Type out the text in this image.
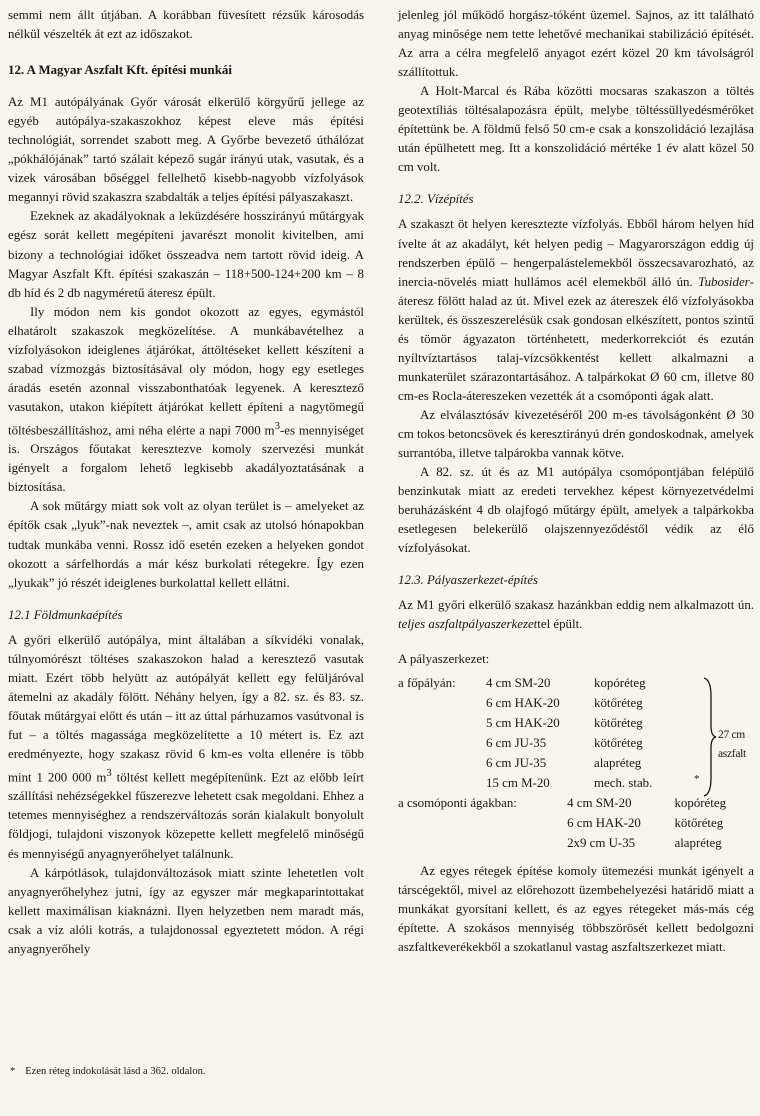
semmi nem állt útjában. A korábban füvesített rézsűk károsodás nélkül vészelték át ezt az időszakot.

12. A Magyar Aszfalt Kft. építési munkái

Az M1 autópályának Győr városát elkerülő körgyűrű jellege az egyéb autópálya-szakaszokhoz képest eleve más építési technológiát, sorrendet szabott meg. A Győrbe bevezető úthálózat „pókhálójának” tartó szálait képező sugár irányú utak, vasutak, és a vizek városában bőséggel fellelhető kisebb-nagyobb vízfolyások megannyi rövid szakaszra szabdalták a teljes építési pályaszakaszt.

Ezeknek az akadályoknak a leküzdésére hosszirányú műtárgyak egész sorát kellett megépíteni javarészt monolit kivitelben, ami bizony a technológiai időket összeadva nem tartott rövid ideig. A Magyar Aszfalt Kft. építési szakaszán – 118+500-124+200 km – 8 db híd és 2 db nagyméretű áteresz épült.

Ily módon nem kis gondot okozott az egyes, egymástól elhatárolt szakaszok megközelítése. A munkábavételhez a vízfolyásokon ideiglenes átjárókat, áttöltéseket kellett készíteni a szabad vízmozgás biztosításával oly módon, hogy egy esetleges áradás esetén azonnal visszabonthatóak legyenek. A keresztező vasutakon, utakon kiépített átjárókat kellett építeni a nagytömegű töltésbeszállításhoz, ami néha elérte a napi 7000 $m^3-es$ mennyiséget is. Országos főutakat keresztezve komoly szervezési munkát igényelt a forgalom lehető legkisebb akadályoztatásának a biztosítása.

A sok műtárgy miatt sok volt az olyan terület is – amelyeket az építők csak „lyuk”-nak neveztek –, amit csak az utolsó hónapokban tudtak munkába venni. Rossz idő esetén ezeken a helyeken gondot okozott a sárfelhordás a már kész burkolati rétegekre. Így ezen „lyukak” jó részét ideiglenes burkolattal kellett ellátni.

12.1 Földmunkaépítés

A győri elkerülő autópálya, mint általában a síkvidéki vonalak, túlnyomórészt töltéses szakaszokon halad a keresztező vasutak miatt. Ezért több helyütt az autópályát kellett egy felüljáróval átemelni az akadály fölött. Néhány helyen, így a 82. sz. és 83. sz. főutak műtárgyai előtt és után – itt az úttal párhuzamos vasútvonal is fut – a töltés magassága megközelítette a 10 métert is. Ez azt eredményezte, hogy szakasz rövid 6 km-es volta ellenére is több mint 1 200 000 $m^3$ töltést kellett megépítenünk. Ezt az előbb leírt szállítási nehézségekkel fűszerezve lehetett csak megoldani. Ehhez a tetemes mennyiséghez a rendszerváltozás során kialakult bonyolult földjogi, tulajdoni viszonyok közepette kellett megfelelő minőségű és mennyiségű anyagnyerőhelyet találnunk.

A kárpótlások, tulajdonváltozások miatt szinte lehetetlen volt anyagnyerőhelyhez jutni, így az egyszer már megkaparintottakat kellett maximálisan kiaknázni. Ilyen helyzetben nem maradt más, csak a víz alóli kotrás, a tulajdonossal egyeztetett módon. A régi anyagnyerőhely

* Ezen réteg indokolását lásd a 362. oldalon.

jelenleg jól működő horgász-tóként üzemel. Sajnos, az itt található anyag minősége nem tette lehetővé mechanikai stabilizáció építését. Az arra a célra megfelelő anyagot ezért közel 20 km távolságról szállítottuk.

A Holt-Marcal és Rába közötti mocsaras szakaszon a töltés geotextíliás töltésalapozásra épült, melybe töltéssüllyedésmérőket építettünk be. A földmű felső 50 cm-e csak a konszolidáció lezajlása után épülhetett meg. Itt a konszolidáció mértéke 1 év alatt közel 50 cm volt.

12.2. Vízépítés

A szakaszt öt helyen keresztezte vízfolyás. Ebből három helyen híd ívelte át az akadályt, két helyen pedig – Magyarországon eddig új rendszerben épülő – hengerpalástelemekből összecsavarozható, az inercia-növelés miatt hullámos acél elemekből álló ún. Tubosider-áteresz fölött halad az út. Mivel ezek az átereszek élő vízfolyásokba kerültek, és összeszerelésük csak gondosan elkészített, pontos szintű és tömör ágyazaton történhetett, mederkorrekciót és ezután nyíltvíztartásos talaj-vízcsökkentést kellett alkalmazni a munkaterület szárazontartásához. A talpárkokat Ø 60 cm, illetve 80 cm-es Rocla-átereszeken vezették át a csomóponti ágak alatt.

Az elválasztósáv kivezetéséről 200 m-es távolságonként Ø 30 cm tokos betoncsövek és keresztirányú drén gondoskodnak, amelyek surrantóba, illetve talpárokba vannak kötve.

A 82. sz. út és az M1 autópálya csomópontjában felépülő benzinkutak miatt az eredeti tervekhez képest környezetvédelmi beruházásként 4 db olajfogó műtárgy épült, amelyek a talpárkokba esetlegesen belekerülő olajszennyeződéstől védik az élő vízfolyásokat.

12.3. Pályaszerkezet-építés

Az M1 győri elkerülő szakasz hazánkban eddig nem alkalmazott ún. teljes aszfaltpályaszerkezettel épült.

A pályaszerkezet:
a főpályán:	4 cm SM-20	kopóréteg
	6 cm HAK-20	kötőréteg
	5 cm HAK-20	kötőréteg
	6 cm JU-35	kötőréteg
	6 cm JU-35	alapréteg
	15 cm M-20	mech. stab.	*
27 cm aszfalt
a csomóponti ágakban:	4 cm SM-20	kopóréteg
	6 cm HAK-20	kötőréteg
	2x9 cm U-35	alapréteg

Az egyes rétegek építése komoly ütemezési munkát igényelt a társcégektől, mivel az előrehozott üzembehelyezési határidő miatt a munkákat gyorsítani kellett, és az egyes rétegeket más-más cég építette. A szokásos mennyiség többszörösét kellett bedolgozni aszfaltkeverékekből a szokatlanul vastag aszfaltszerkezet miatt.
